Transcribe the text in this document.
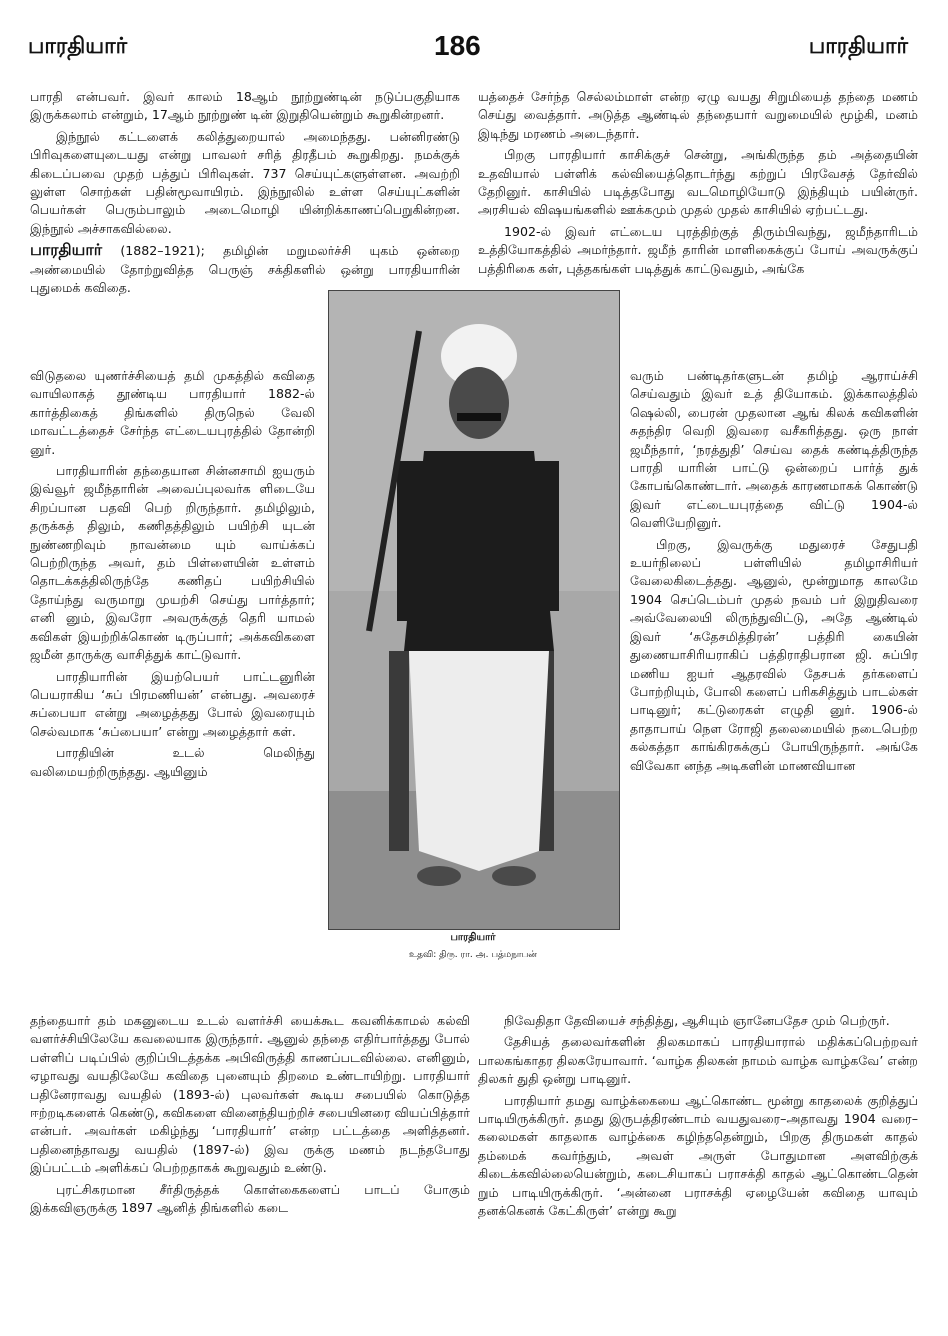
பாரதியார்	186	பாரதியார்

பாரதி என்பவர். இவர் காலம் 18ஆம் நூற்றுண்டின் நடுப்பகுதியாக இருக்கலாம் என்றும், 17ஆம் நூற்றுண் டின் இறுதியென்றும் கூறுகின்றனர்.

இந்நூல் கட்டளைக் கலித்துறையால் அமைந்தது. பன்னிரண்டு பிரிவுகளையுடையது என்று பாவலர் சரித் திரதீபம் கூறுகிறது. நமக்குக் கிடைப்பவை முதற் பத்துப் பிரிவுகள். 737 செய்யுட்களுள்ளன. அவற்றி லுள்ள சொற்கள் பதின்மூவாயிரம். இந்நூலில் உள்ள செய்யுட்களின் பெயர்கள் பெரும்பாலும் அடைமொழி யின்றிக்காணப்பெறுகின்றன. இந்நூல் அச்சாகவில்லை.

பாரதியார் (1882–1921); தமிழின் மறுமலர்ச்சி யுகம் ஒன்றை அண்மையில் தோற்றுவித்த பெருஞ் சக்திகளில் ஒன்று பாரதியாரின் புதுமைக் கவிதை.

விடுதலை யுணர்ச்சியைத் தமி முகத்தில் கவிதை வாயிலாகத் தூண்டிய பாரதியார் 1882-ல் கார்த்திகைத் திங்களில் திருநெல் வேலி மாவட்டத்தைச் சேர்ந்த எட்டையபுரத்தில் தோன்றி னுர்.

பாரதியாரின் தந்தையான சின்னசாமி ஐயரும் இவ்வூர் ஜமீந்தாரின் அவைப்புலவர்க ளிடையே சிறப்பான பதவி பெற் றிருந்தார். தமிழிலும், தருக்கத் திலும், கணிதத்திலும் பயிற்சி யுடன் நுண்ணறிவும் நாவன்மை யும் வாய்க்கப் பெற்றிருந்த அவர், தம் பிள்ளையின் உள்ளம் தொடக்கத்திலிருந்தே கணிதப் பயிற்சியில் தோய்ந்து வருமாறு முயற்சி செய்து பார்த்தார்; எனி னும், இவரோ அவருக்குத் தெரி யாமல் கவிகள் இயற்றிக்கொண் டிருப்பார்; அக்கவிகளை ஜமீன் தாருக்கு வாசித்துக் காட்டுவார்.

பாரதியாரின் இயற்பெயர் பாட்டனுரின் பெயராகிய ‘சுப் பிரமணியன்’ என்பது. அவரைச் சுப்பையா என்று அழைத்தது போல் இவரையும் செல்வமாக ‘சுப்பையா’ என்று அழைத்தார் கள்.

பாரதியின் உடல் மெலிந்து வலிமையற்றிருந்தது. ஆயினும்

யத்தைச் சேர்ந்த செல்லம்மாள் என்ற ஏழு வயது சிறுமியைத் தந்தை மணம் செய்து வைத்தார். அடுத்த ஆண்டில் தந்தையார் வறுமையில் மூழ்கி, மனம் இடிந்து மரணம் அடைந்தார்.

பிறகு பாரதியார் காசிக்குச் சென்று, அங்கிருந்த தம் அத்தையின் உதவியால் பள்ளிக் கல்வியைத்தொடர்ந்து கற்றுப் பிரவேசத் தேர்வில் தேறினுர். காசியில் படித்தபோது வடமொழியோடு இந்தியும் பயின்ருர். அரசியல் விஷயங்களில் ஊக்கமும் முதல் முதல் காசியில் ஏற்பட்டது.

1902-ல் இவர் எட்டைய புரத்திற்குத் திரும்பிவந்து, ஜமீந்தாரிடம் உத்தியோகத்தில் அமர்ந்தார். ஜமீந் தாரின் மாளிகைக்குப் போய் அவருக்குப் பத்திரிகை கள், புத்தகங்கள் படித்துக் காட்டுவதும், அங்கே

வரும் பண்டிதர்களுடன் தமிழ் ஆராய்ச்சி செய்வதும் இவர் உத் தியோகம். இக்காலத்தில் ஷெல்லி, பைரன் முதலான ஆங் கிலக் கவிகளின் சுதந்திர வெறி இவரை வசீகரித்தது. ஒரு நாள் ஜமீந்தார், ‘நரத்துதி’ செய்வ தைக் கண்டித்திருந்த பாரதி யாரின் பாட்டு ஒன்றைப் பார்த் துக் கோபங்கொண்டார். அதைக் காரணமாகக் கொண்டு இவர் எட்டையபுரத்தை விட்டு 1904-ல் வெளியேறினுர்.

பிறகு, இவருக்கு மதுரைச் சேதுபதி உயர்நிலைப் பள்ளியில் தமிழாசிரியர் வேலைகிடைத்தது. ஆனுல், மூன்றுமாத காலமே 1904 செப்டெம்பர் முதல் நவம் பர் இறுதிவரை அவ்வேலையி லிருந்துவிட்டு, அதே ஆண்டில் இவர் ‘சுதேசமித்திரன்’ பத்திரி கையின் துணையாசிரியராகிப் பத்திராதிபரான ஜி. சுப்பிர மணிய ஐயர் ஆதரவில் தேசபக் தர்களைப் போற்றியும், போலி களைப் பரிகசித்தும் பாடல்கள் பாடினுர்; கட்டுரைகள் எழுதி னுர். 1906-ல் தாதாபாய் நௌ ரோஜி தலைமையில் நடைபெற்ற கல்கத்தா காங்கிரசுக்குப் போயிருந்தார். அங்கே விவேகா னந்த அடிகளின் மாணவியான

பாரதியார்
உதவி: திரு. ரா. அ. பத்மநாபன்

தந்தையார் தம் மகனுடைய உடல் வளர்ச்சி யைக்கூட கவனிக்காமல் கல்வி வளர்ச்சியிலேயே கவலையாக இருந்தார். ஆனுல் தந்தை எதிர்பார்த்தது போல் பள்ளிப் படிப்பில் குறிப்பிடத்தக்க அபிவிருத்தி காணப்படவில்லை. எனினும், ஏழாவது வயதிலேயே கவிதை புனையும் திறமை உண்டாயிற்று. பாரதியார் பதினேராவது வயதில் (1893-ல்) புலவர்கள் கூடிய சபையில் கொடுத்த ஈற்றடிகளைக் கெண்டு, கவிகளை வினைந்தியற்றிச் சபையினரை வியப்பித்தார் என்பர். அவர்கள் மகிழ்ந்து ‘பாரதியார்’ என்ற பட்டத்தை அளித்தனர். பதினைந்தாவது வயதில் (1897-ல்) இவ ருக்கு மணம் நடந்தபோது இப்பட்டம் அளிக்கப் பெற்றதாகக் கூறுவதும் உண்டு.

புரட்சிகரமான சீர்திருத்தக் கொள்கைகளைப் பாடப் போகும் இக்கவிஞருக்கு 1897 ஆனித் திங்களில் கடை

நிவேதிதா தேவியைச் சந்தித்து, ஆசியும் ஞானேபதேச மும் பெற்ருர்.

தேசியத் தலைவர்களின் திலகமாகப் பாரதியாரால் மதிக்கப்பெற்றவர் பாலகங்காதர திலகரேயாவார். ‘வாழ்க திலகன் நாமம் வாழ்க வாழ்கவே’ என்ற திலகர் துதி ஒன்று பாடினுர்.

பாரதியார் தமது வாழ்க்கையை ஆட்கொண்ட மூன்று காதலைக் குறித்துப் பாடியிருக்கிருர். தமது இருபத்திரண்டாம் வயதுவரை–அதாவது 1904 வரை– கலைமகள் காதலாக வாழ்க்கை கழிந்ததென்றும், பிறகு திருமகள் காதல் தம்மைக் கவர்ந்தும், அவள் அருள் போதுமான அளவிற்குக் கிடைக்கவில்லையென்றும், கடைசியாகப் பராசக்தி காதல் ஆட்கொண்டதென் றும் பாடியிருக்கிருர். ‘அன்னை பராசக்தி ஏழையேன் கவிதை யாவும் தனக்கெனக் கேட்கிருள்’ என்று கூறு
